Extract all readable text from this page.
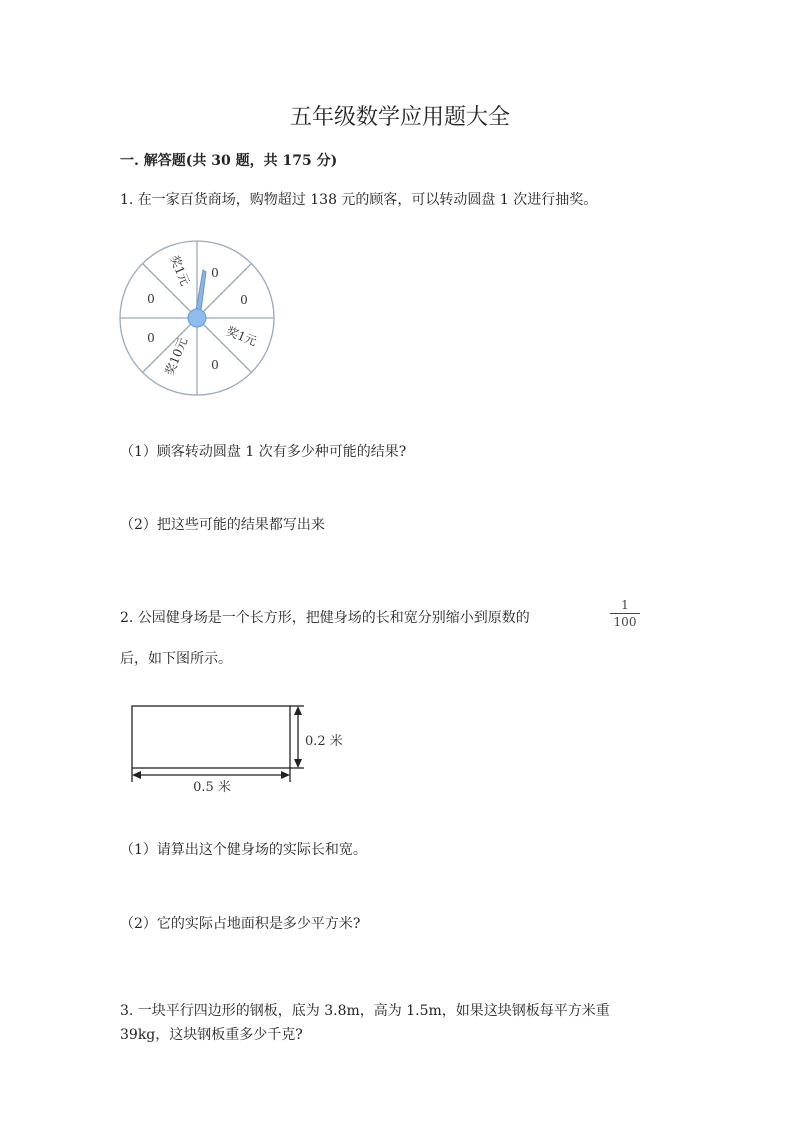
五年级数学应用题大全
一. 解答题(共 30 题，共 175 分)
1. 在一家百货商场，购物超过 138 元的顾客，可以转动圆盘 1 次进行抽奖。
奖1元 0
0
奖1元
0
奖10元
0
0
0.2 米
0.5 米
（1）顾客转动圆盘 1 次有多少种可能的结果?
（2）把这些可能的结果都写出来
2. 公园健身场是一个长方形，把健身场的长和宽分别缩小到原数的
1
100
后，如下图所示。
（1）请算出这个健身场的实际长和宽。
（2）它的实际占地面积是多少平方米?
3. 一块平行四边形的钢板，底为 3.8m，高为 1.5m，如果这块钢板每平方米重
39kg，这块钢板重多少千克?
